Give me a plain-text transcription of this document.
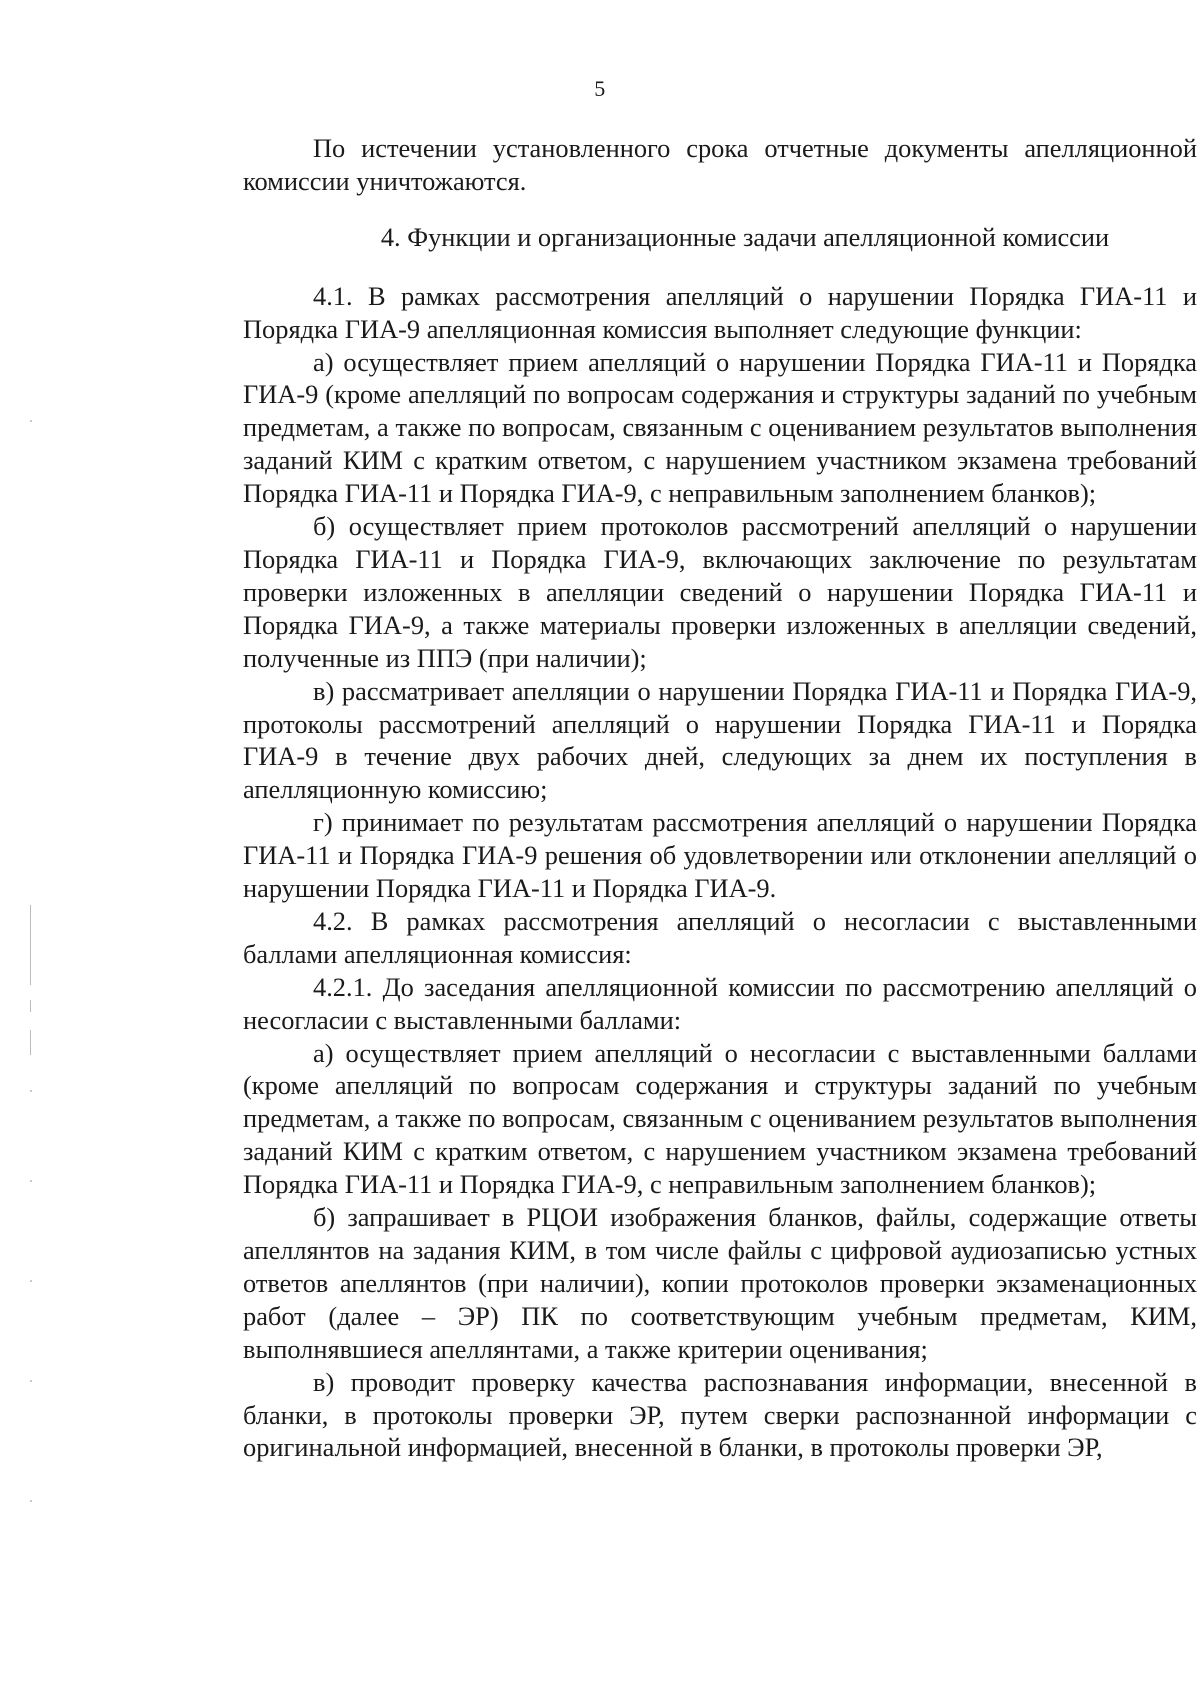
5

По истечении установленного срока отчетные документы апелляционной комиссии уничтожаются.

4. Функции и организационные задачи апелляционной комиссии

4.1. В рамках рассмотрения апелляций о нарушении Порядка ГИА-11 и Порядка ГИА-9 апелляционная комиссия выполняет следующие функции:

а) осуществляет прием апелляций о нарушении Порядка ГИА-11 и Порядка ГИА-9 (кроме апелляций по вопросам содержания и структуры заданий по учебным предметам, а также по вопросам, связанным с оцениванием результатов выполнения заданий КИМ с кратким ответом, с нарушением участником экзамена требований Порядка ГИА-11 и Порядка ГИА-9, с неправильным заполнением бланков);

б) осуществляет прием протоколов рассмотрений апелляций о нарушении Порядка ГИА-11 и Порядка ГИА-9, включающих заключение по результатам проверки изложенных в апелляции сведений о нарушении Порядка ГИА-11 и Порядка ГИА-9, а также материалы проверки изложенных в апелляции сведений, полученные из ППЭ (при наличии);

в) рассматривает апелляции о нарушении Порядка ГИА-11 и Порядка ГИА-9, протоколы рассмотрений апелляций о нарушении Порядка ГИА-11 и Порядка ГИА-9 в течение двух рабочих дней, следующих за днем их поступления в апелляционную комиссию;

г) принимает по результатам рассмотрения апелляций о нарушении Порядка ГИА-11 и Порядка ГИА-9 решения об удовлетворении или отклонении апелляций о нарушении Порядка ГИА-11 и Порядка ГИА-9.

4.2. В рамках рассмотрения апелляций о несогласии с выставленными баллами апелляционная комиссия:

4.2.1. До заседания апелляционной комиссии по рассмотрению апелляций о несогласии с выставленными баллами:

а) осуществляет прием апелляций о несогласии с выставленными баллами (кроме апелляций по вопросам содержания и структуры заданий по учебным предметам, а также по вопросам, связанным с оцениванием результатов выполнения заданий КИМ с кратким ответом, с нарушением участником экзамена требований Порядка ГИА-11 и Порядка ГИА-9, с неправильным заполнением бланков);

б) запрашивает в РЦОИ изображения бланков, файлы, содержащие ответы апеллянтов на задания КИМ, в том числе файлы с цифровой аудиозаписью устных ответов апеллянтов (при наличии), копии протоколов проверки экзаменационных работ (далее – ЭР) ПК по соответствующим учебным предметам, КИМ, выполнявшиеся апеллянтами, а также критерии оценивания;

в) проводит проверку качества распознавания информации, внесенной в бланки, в протоколы проверки ЭР, путем сверки распознанной информации с оригинальной информацией, внесенной в бланки, в протоколы проверки ЭР,
